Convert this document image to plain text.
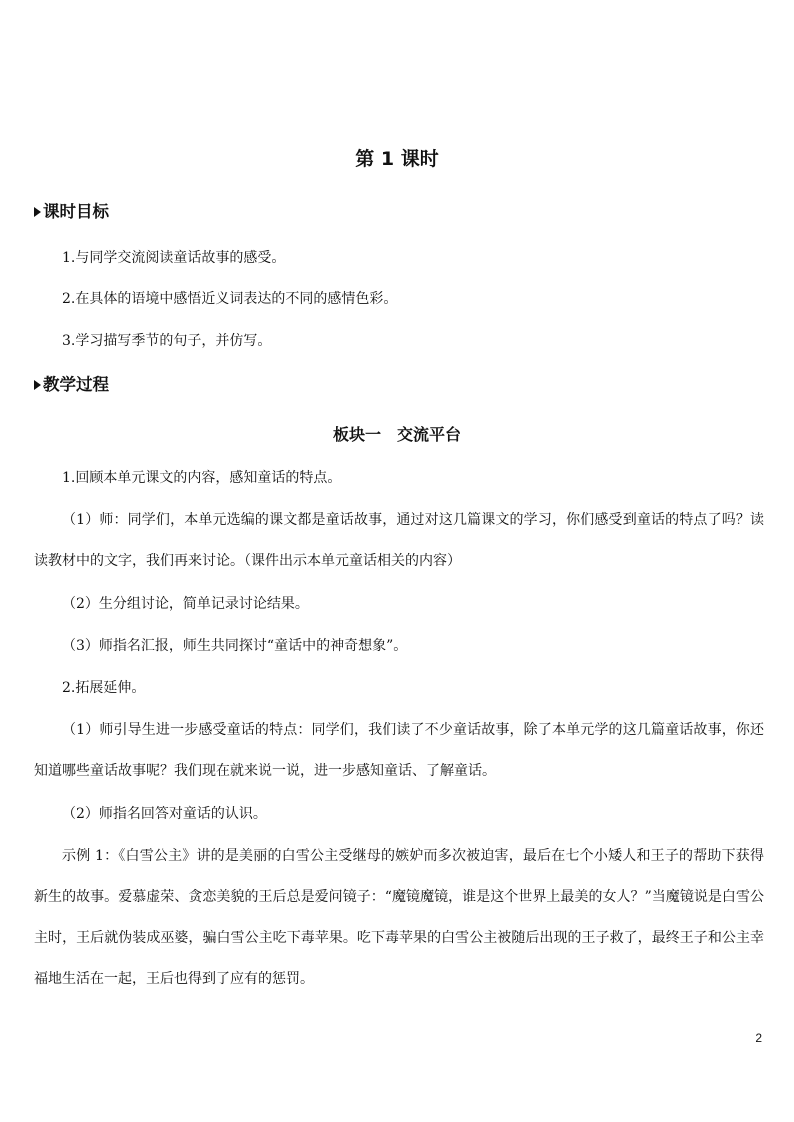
第 1 课时
课时目标
1.与同学交流阅读童话故事的感受。
2.在具体的语境中感悟近义词表达的不同的感情色彩。
3.学习描写季节的句子，并仿写。
教学过程
板块一　交流平台
1.回顾本单元课文的内容，感知童话的特点。
（1）师：同学们，本单元选编的课文都是童话故事，通过对这几篇课文的学习，你们感受到童话的特点了吗？读读教材中的文字，我们再来讨论。（课件出示本单元童话相关的内容）
（2）生分组讨论，简单记录讨论结果。
（3）师指名汇报，师生共同探讨“童话中的神奇想象”。
2.拓展延伸。
（1）师引导生进一步感受童话的特点：同学们，我们读了不少童话故事，除了本单元学的这几篇童话故事，你还知道哪些童话故事呢？我们现在就来说一说，进一步感知童话、了解童话。
（2）师指名回答对童话的认识。
示例 1：《白雪公主》讲的是美丽的白雪公主受继母的嫉妒而多次被迫害，最后在七个小矮人和王子的帮助下获得新生的故事。爱慕虚荣、贪恋美貌的王后总是爱问镜子：“魔镜魔镜，谁是这个世界上最美的女人？”当魔镜说是白雪公主时，王后就伪装成巫婆，骗白雪公主吃下毒苹果。吃下毒苹果的白雪公主被随后出现的王子救了，最终王子和公主幸福地生活在一起，王后也得到了应有的惩罚。
2
